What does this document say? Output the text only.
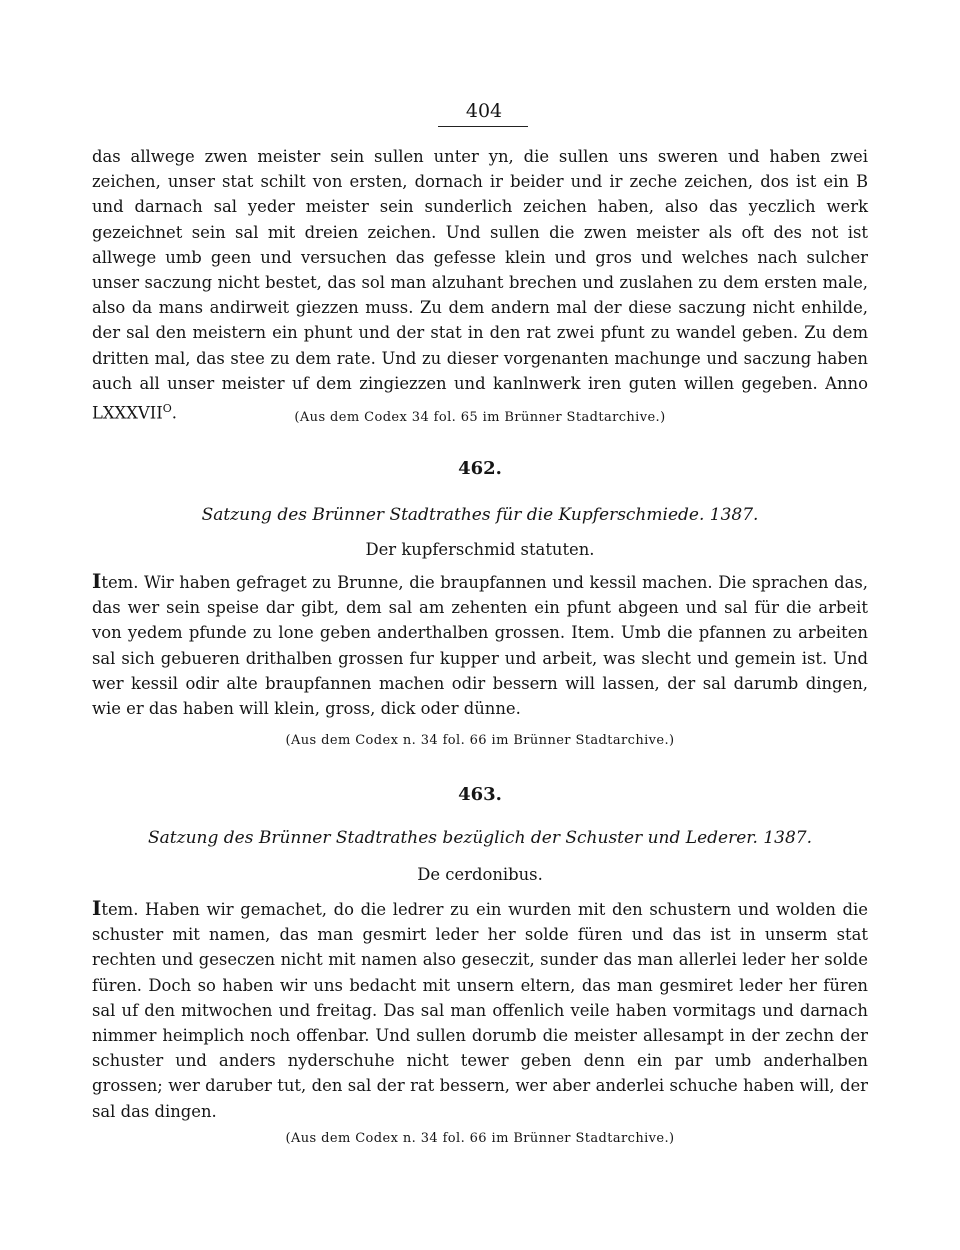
404

das allwege zwen meister sein sullen unter yn, die sullen uns sweren und haben zwei zeichen, unser stat schilt von ersten, dornach ir beider und ir zeche zeichen, dos ist ein B und darnach sal yeder meister sein sunderlich zeichen haben, also das yeczlich werk gezeichnet sein sal mit dreien zeichen. Und sullen die zwen meister als oft des not ist allwege umb geen und versuchen das gefesse klein und gros und welches nach sulcher unser saczung nicht bestet, das sol man alzuhant brechen und zuslahen zu dem ersten male, also da mans andirweit giezzen muss. Zu dem andern mal der diese saczung nicht enhilde, der sal den meistern ein phunt und der stat in den rat zwei pfunt zu wandel geben. Zu dem dritten mal, das stee zu dem rate. Und zu dieser vorgenanten machunge und saczung haben auch all unser meister uf dem zingiezzen und kanlnwerk iren guten willen gegeben. Anno $LXXXVII^O$.	(Aus dem Codex 34 fol. 65 im Brünner Stadtarchive.)
462.
Satzung des Brünner Stadtrathes für die Kupferschmiede. 1387.
Der kupferschmid statuten.

Item. Wir haben gefraget zu Brunne, die braupfannen und kessil machen. Die sprachen das, das wer sein speise dar gibt, dem sal am zehenten ein pfunt abgeen und sal für die arbeit von yedem pfunde zu lone geben anderthalben grossen. Item. Umb die pfannen zu arbeiten sal sich gebueren drithalben grossen fur kupper und arbeit, was slecht und gemein ist. Und wer kessil odir alte braupfannen machen odir bessern will lassen, der sal darumb dingen, wie er das haben will klein, gross, dick oder dünne.

(Aus dem Codex n. 34 fol. 66 im Brünner Stadtarchive.)
463.
Satzung des Brünner Stadtrathes bezüglich der Schuster und Lederer. 1387.
De cerdonibus.

Item. Haben wir gemachet, do die ledrer zu ein wurden mit den schustern und wolden die schuster mit namen, das man gesmirt leder her solde füren und das ist in unserm stat rechten und geseczen nicht mit namen also geseczit, sunder das man allerlei leder her solde füren. Doch so haben wir uns bedacht mit unsern eltern, das man gesmiret leder her füren sal uf den mitwochen und freitag. Das sal man offenlich veile haben vormitags und darnach nimmer heimplich noch offenbar. Und sullen dorumb die meister allesampt in der zechn der schuster und anders nyderschuhe nicht tewer geben denn ein par umb anderhalben grossen; wer daruber tut, den sal der rat bessern, wer aber anderlei schuche haben will, der sal das dingen.

(Aus dem Codex n. 34 fol. 66 im Brünner Stadtarchive.)
